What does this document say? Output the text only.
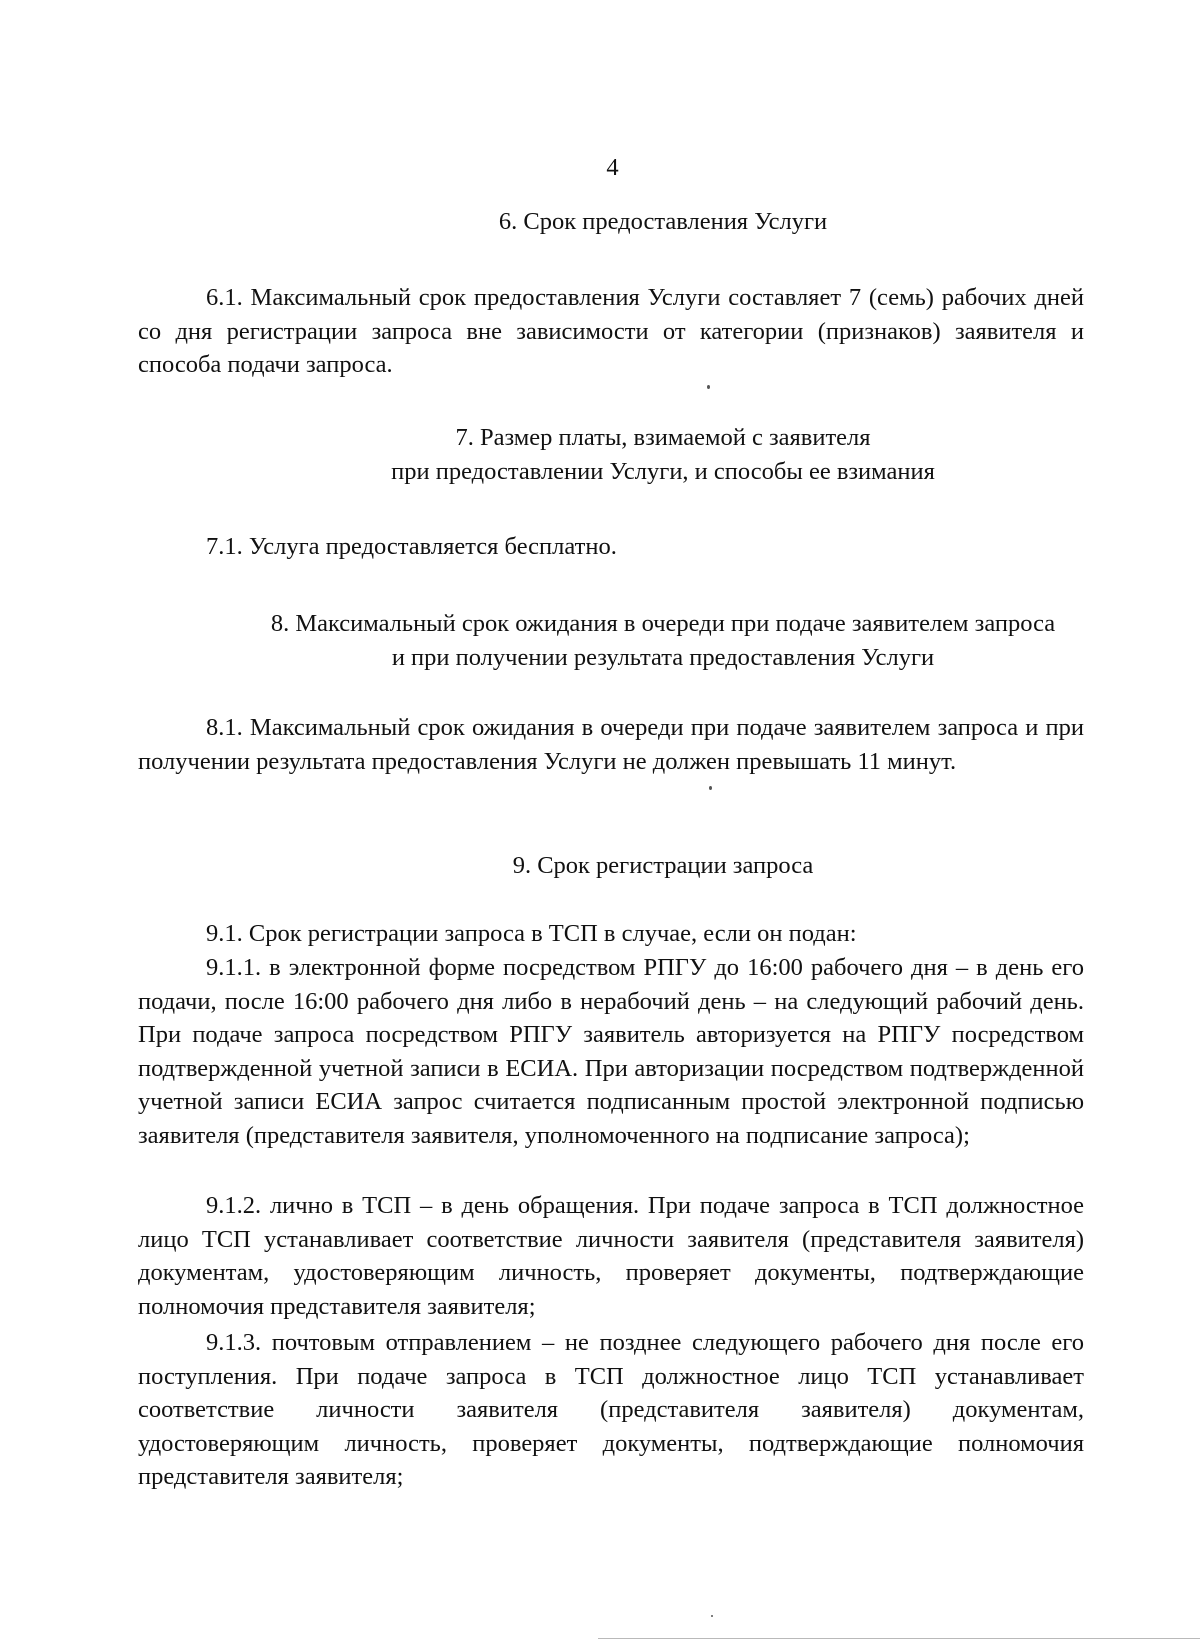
4
6. Срок предоставления Услуги
6.1. Максимальный срок предоставления Услуги составляет 7 (семь) рабочих дней со дня регистрации запроса вне зависимости от категории (признаков) заявителя и способа подачи запроса.
7. Размер платы, взимаемой с заявителя
при предоставлении Услуги, и способы ее взимания
7.1. Услуга предоставляется бесплатно.
8. Максимальный срок ожидания в очереди при подаче заявителем запроса
и при получении результата предоставления Услуги
8.1. Максимальный срок ожидания в очереди при подаче заявителем запроса и при получении результата предоставления Услуги не должен превышать 11 минут.
9. Срок регистрации запроса
9.1. Срок регистрации запроса в ТСП в случае, если он подан:
9.1.1. в электронной форме посредством РПГУ до 16:00 рабочего дня – в день его подачи, после 16:00 рабочего дня либо в нерабочий день – на следующий рабочий день. При подаче запроса посредством РПГУ заявитель авторизуется на РПГУ посредством подтвержденной учетной записи в ЕСИА. При авторизации посредством подтвержденной учетной записи ЕСИА запрос считается подписанным простой электронной подписью заявителя (представителя заявителя, уполномоченного на подписание запроса);
9.1.2. лично в ТСП – в день обращения. При подаче запроса в ТСП должностное лицо ТСП устанавливает соответствие личности заявителя (представителя заявителя) документам, удостоверяющим личность, проверяет документы, подтверждающие полномочия представителя заявителя;
9.1.3. почтовым отправлением – не позднее следующего рабочего дня после его поступления. При подаче запроса в ТСП должностное лицо ТСП устанавливает соответствие личности заявителя (представителя заявителя) документам, удостоверяющим личность, проверяет документы, подтверждающие полномочия представителя заявителя;
